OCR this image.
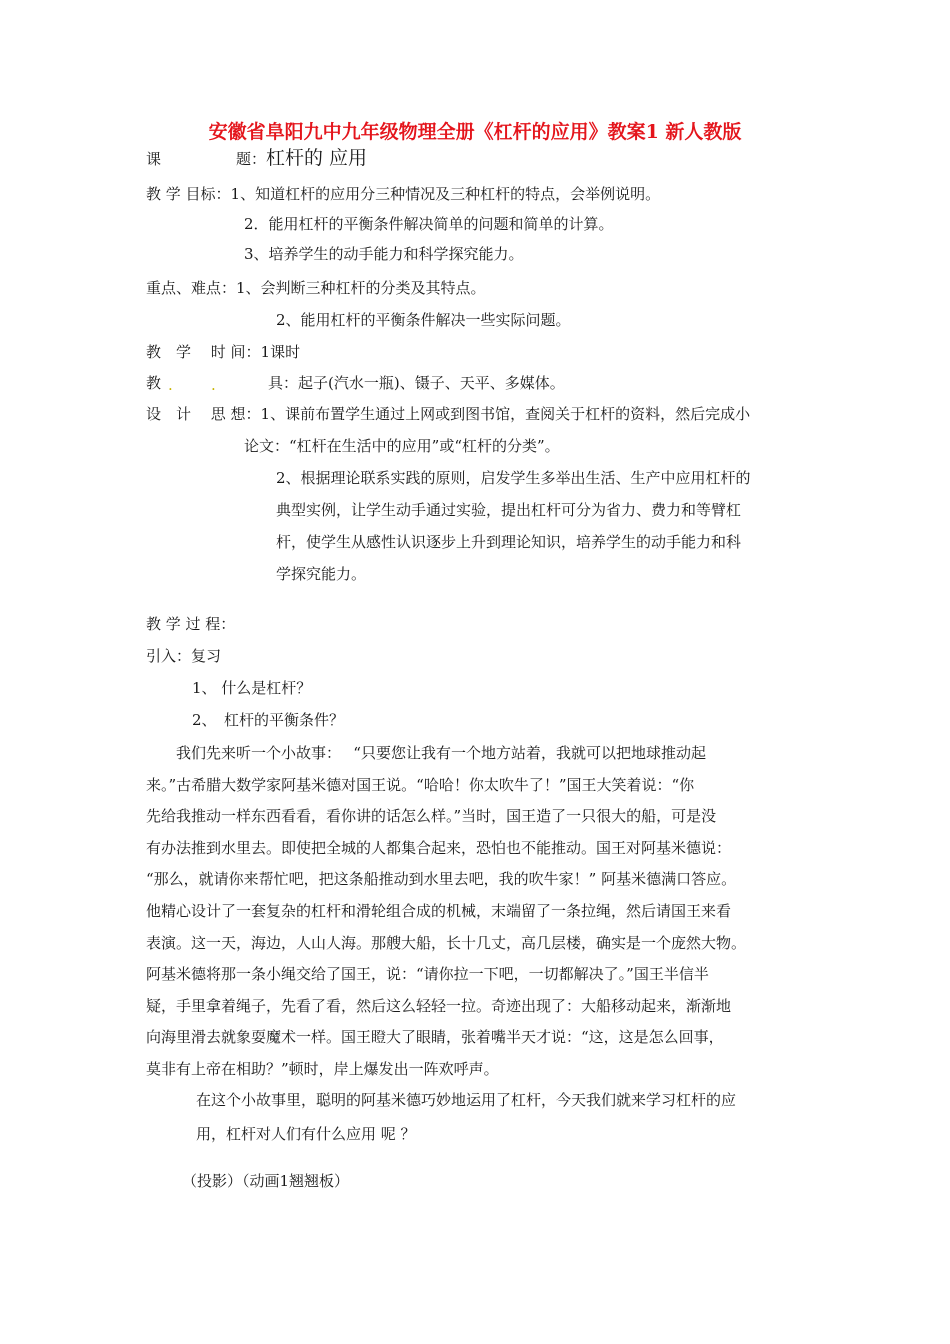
安徽省阜阳九中九年级物理全册《杠杆的应用》教案1 新人教版
课　　　　　题：杠杆的 应用
教 学 目标：1、知道杠杆的应用分三种情况及三种杠杆的特点，会举例说明。
2．能用杠杆的平衡条件解决简单的问题和简单的计算。
3、培养学生的动手能力和科学探究能力。
重点、难点：1、会判断三种杠杆的分类及其特点。
2、能用杠杆的平衡条件解决一些实际问题。
教　学　 时 间：1课时
教 .	.	具：起子(汽水一瓶)、镊子、天平、多媒体。
设　计　 思 想：1、课前布置学生通过上网或到图书馆，查阅关于杠杆的资料，然后完成小
论文：“杠杆在生活中的应用”或“杠杆的分类”。
2、根据理论联系实践的原则，启发学生多举出生活、生产中应用杠杆的
典型实例，让学生动手通过实验，提出杠杆可分为省力、费力和等臂杠
杆，使学生从感性认识逐步上升到理论知识，培养学生的动手能力和科
学探究能力。
教 学 过 程：
引入：复习
1、 什么是杠杆？
2、　杠杆的平衡条件？
我们先来听一个小故事：　 “只要您让我有一个地方站着，我就可以把地球推动起
来。”古希腊大数学家阿基米德对国王说。“哈哈！你太吹牛了！”国王大笑着说：“你
先给我推动一样东西看看，看你讲的话怎么样。”当时，国王造了一只很大的船，可是没
有办法推到水里去。即使把全城的人都集合起来，恐怕也不能推动。国王对阿基米德说：
“那么，就请你来帮忙吧，把这条船推动到水里去吧，我的吹牛家！” 阿基米德满口答应。
他精心设计了一套复杂的杠杆和滑轮组合成的机械，末端留了一条拉绳，然后请国王来看
表演。这一天，海边，人山人海。那艘大船，长十几丈，高几层楼，确实是一个庞然大物。
阿基米德将那一条小绳交给了国王，说：“请你拉一下吧，一切都解决了。”国王半信半
疑，手里拿着绳子，先看了看，然后这么轻轻一拉。奇迹出现了：大船移动起来，渐渐地
向海里滑去就象耍魔术一样。国王瞪大了眼睛，张着嘴半天才说：“这，这是怎么回事，
莫非有上帝在相助？”顿时，岸上爆发出一阵欢呼声。
在这个小故事里，聪明的阿基米德巧妙地运用了杠杆，今天我们就来学习杠杆的应
用，杠杆对人们有什么应用 呢 ？
（投影）（动画1翘翘板）
